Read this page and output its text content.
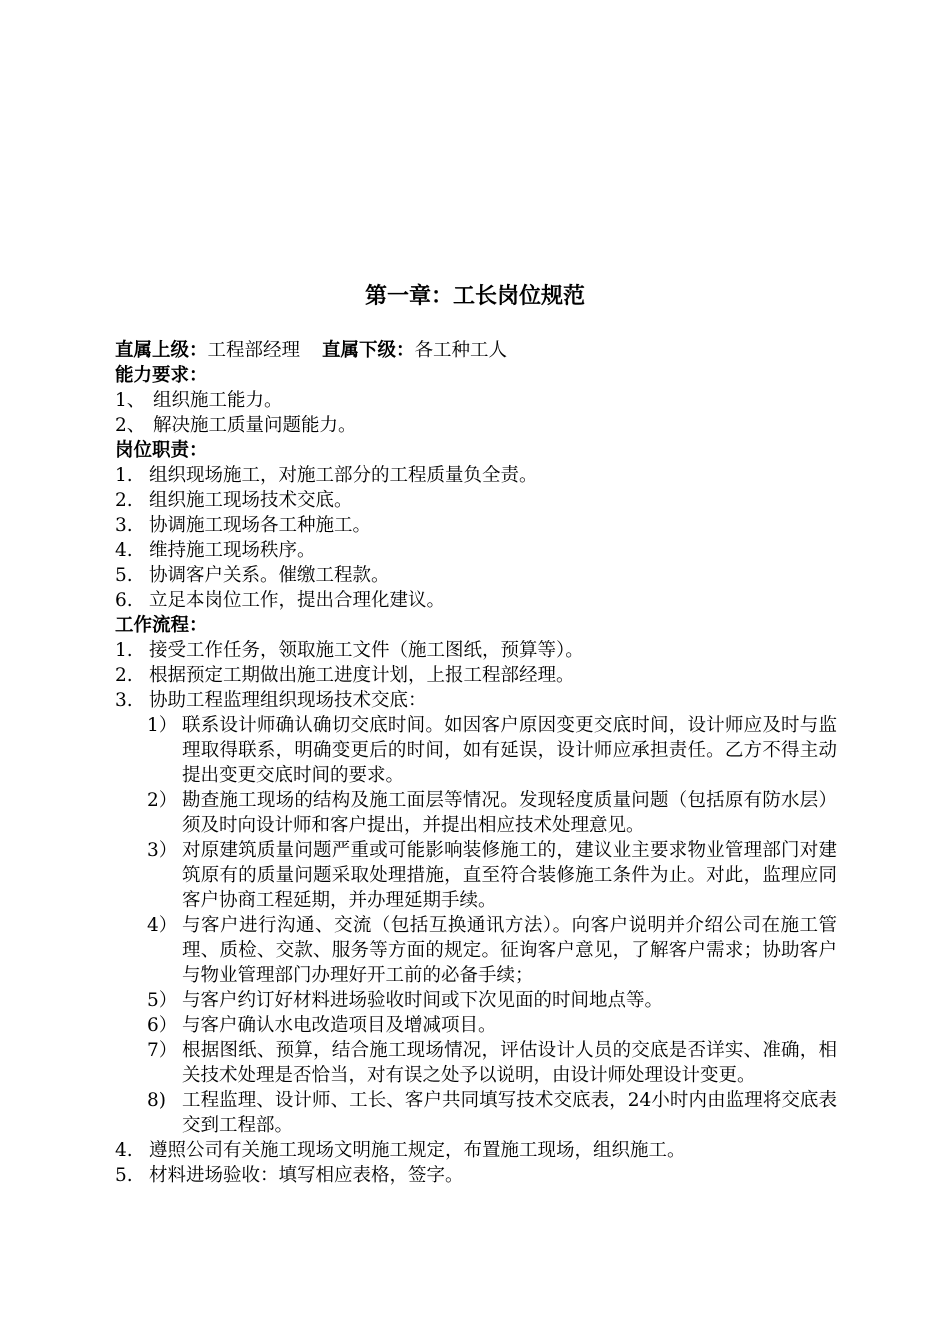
第一章：工长岗位规范
直属上级：工程部经理 直属下级：各工种工人
能力要求：
1、 组织施工能力。
2、 解决施工质量问题能力。
岗位职责：
1. 组织现场施工，对施工部分的工程质量负全责。
2. 组织施工现场技术交底。
3. 协调施工现场各工种施工。
4. 维持施工现场秩序。
5. 协调客户关系。催缴工程款。
6. 立足本岗位工作，提出合理化建议。
工作流程：
1. 接受工作任务，领取施工文件（施工图纸，预算等）。
2. 根据预定工期做出施工进度计划，上报工程部经理。
3. 协助工程监理组织现场技术交底：
1） 联系设计师确认确切交底时间。如因客户原因变更交底时间，设计师应及时与监理取得联系，明确变更后的时间，如有延误，设计师应承担责任。乙方不得主动提出变更交底时间的要求。
2） 勘查施工现场的结构及施工面层等情况。发现轻度质量问题（包括原有防水层）须及时向设计师和客户提出，并提出相应技术处理意见。
3） 对原建筑质量问题严重或可能影响装修施工的，建议业主要求物业管理部门对建筑原有的质量问题采取处理措施，直至符合装修施工条件为止。对此，监理应同客户协商工程延期，并办理延期手续。
4） 与客户进行沟通、交流（包括互换通讯方法）。向客户说明并介绍公司在施工管理、质检、交款、服务等方面的规定。征询客户意见，了解客户需求；协助客户与物业管理部门办理好开工前的必备手续；
5） 与客户约订好材料进场验收时间或下次见面的时间地点等。
6） 与客户确认水电改造项目及增减项目。
7） 根据图纸、预算，结合施工现场情况，评估设计人员的交底是否详实、准确，相关技术处理是否恰当，对有误之处予以说明，由设计师处理设计变更。
8) 工程监理、设计师、工长、客户共同填写技术交底表，24小时内由监理将交底表交到工程部。
4. 遵照公司有关施工现场文明施工规定，布置施工现场，组织施工。
5. 材料进场验收：填写相应表格，签字。
